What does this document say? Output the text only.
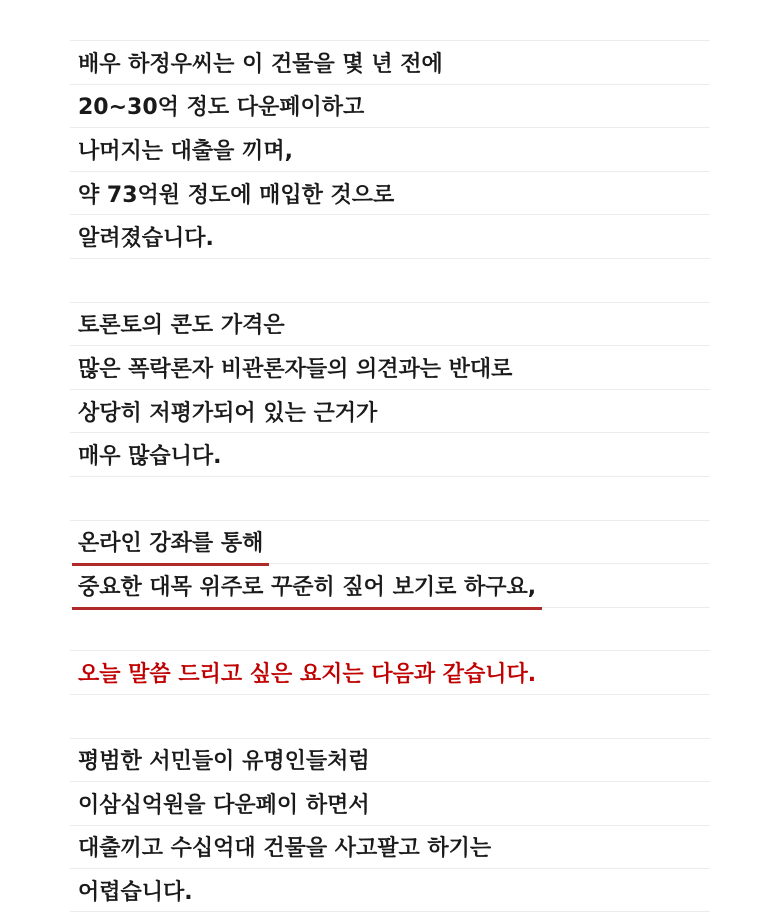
배우 하정우씨는 이 건물을 몇 년 전에
20~30억 정도 다운페이하고
나머지는 대출을 끼며,
약 73억원 정도에 매입한 것으로
알려졌습니다.
토론토의 콘도 가격은
많은 폭락론자 비관론자들의 의견과는 반대로
상당히 저평가되어 있는 근거가
매우 많습니다.
온라인 강좌를 통해
중요한 대목 위주로 꾸준히 짚어 보기로 하구요,
오늘 말씀 드리고 싶은 요지는 다음과 같습니다.
평범한 서민들이 유명인들처럼
이삼십억원을 다운페이 하면서
대출끼고 수십억대 건물을 사고팔고 하기는
어렵습니다.
